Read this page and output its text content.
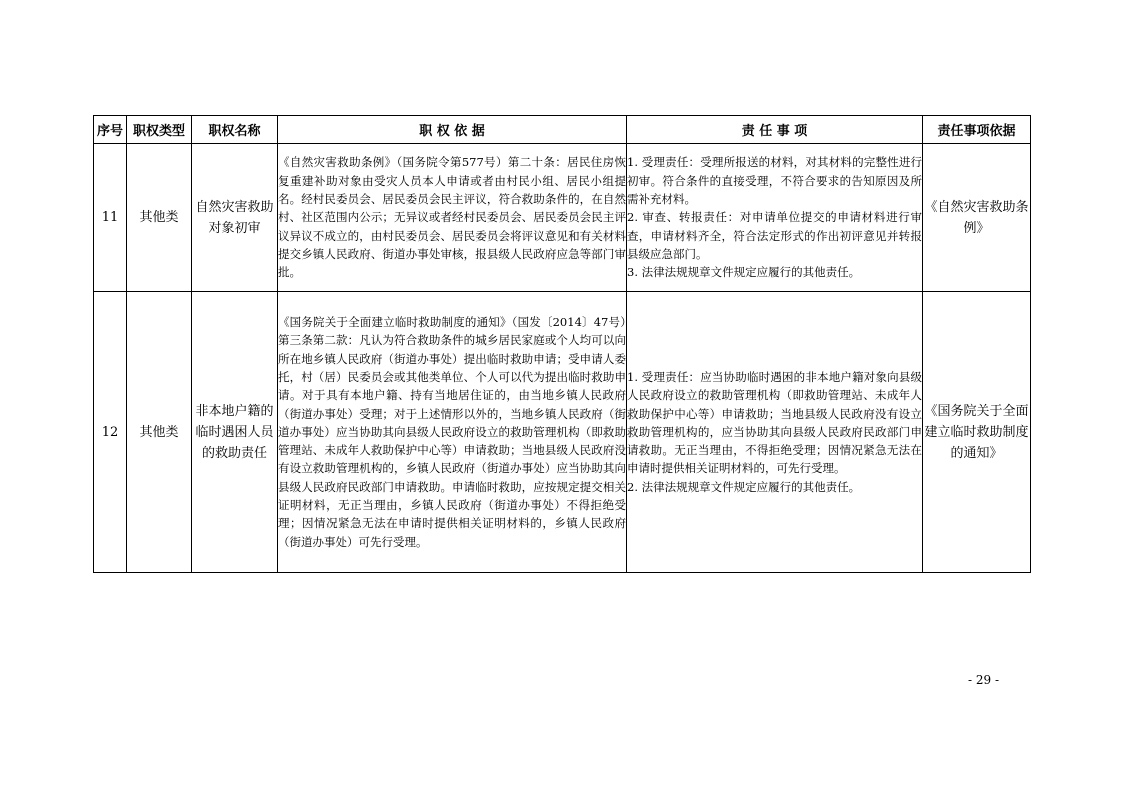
序号	职权类型	职权名称	职 权 依 据	责 任 事 项	责任事项依据
11	其他类	自然灾害救助对象初审	《自然灾害救助条例》（国务院令第577号）第二十条：居民住房恢复重建补助对象由受灾人员本人申请或者由村民小组、居民小组提名。经村民委员会、居民委员会民主评议，符合救助条件的，在自然村、社区范围内公示；无异议或者经村民委员会、居民委员会民主评议异议不成立的，由村民委员会、居民委员会将评议意见和有关材料提交乡镇人民政府、街道办事处审核，报县级人民政府应急等部门审批。	1. 受理责任：受理所报送的材料，对其材料的完整性进行初审。符合条件的直接受理，不符合要求的告知原因及所需补充材料。
2. 审查、转报责任：对申请单位提交的申请材料进行审查，申请材料齐全，符合法定形式的作出初评意见并转报县级应急部门。
3. 法律法规规章文件规定应履行的其他责任。	《自然灾害救助条例》
12	其他类	非本地户籍的临时遇困人员的救助责任	《国务院关于全面建立临时救助制度的通知》（国发〔2014〕47号）第三条第二款：凡认为符合救助条件的城乡居民家庭或个人均可以向所在地乡镇人民政府（街道办事处）提出临时救助申请；受申请人委托，村（居）民委员会或其他类单位、个人可以代为提出临时救助申请。对于具有本地户籍、持有当地居住证的，由当地乡镇人民政府（街道办事处）受理；对于上述情形以外的，当地乡镇人民政府（街道办事处）应当协助其向县级人民政府设立的救助管理机构（即救助管理站、未成年人救助保护中心等）申请救助；当地县级人民政府没有设立救助管理机构的，乡镇人民政府（街道办事处）应当协助其向县级人民政府民政部门申请救助。申请临时救助，应按规定提交相关证明材料，无正当理由，乡镇人民政府（街道办事处）不得拒绝受理；因情况紧急无法在申请时提供相关证明材料的，乡镇人民政府（街道办事处）可先行受理。	1. 受理责任：应当协助临时遇困的非本地户籍对象向县级人民政府设立的救助管理机构（即救助管理站、未成年人救助保护中心等）申请救助；当地县级人民政府没有设立救助管理机构的，应当协助其向县级人民政府民政部门申请救助。无正当理由，不得拒绝受理；因情况紧急无法在申请时提供相关证明材料的，可先行受理。
2. 法律法规规章文件规定应履行的其他责任。	《国务院关于全面建立临时救助制度的通知》
- 29 -
